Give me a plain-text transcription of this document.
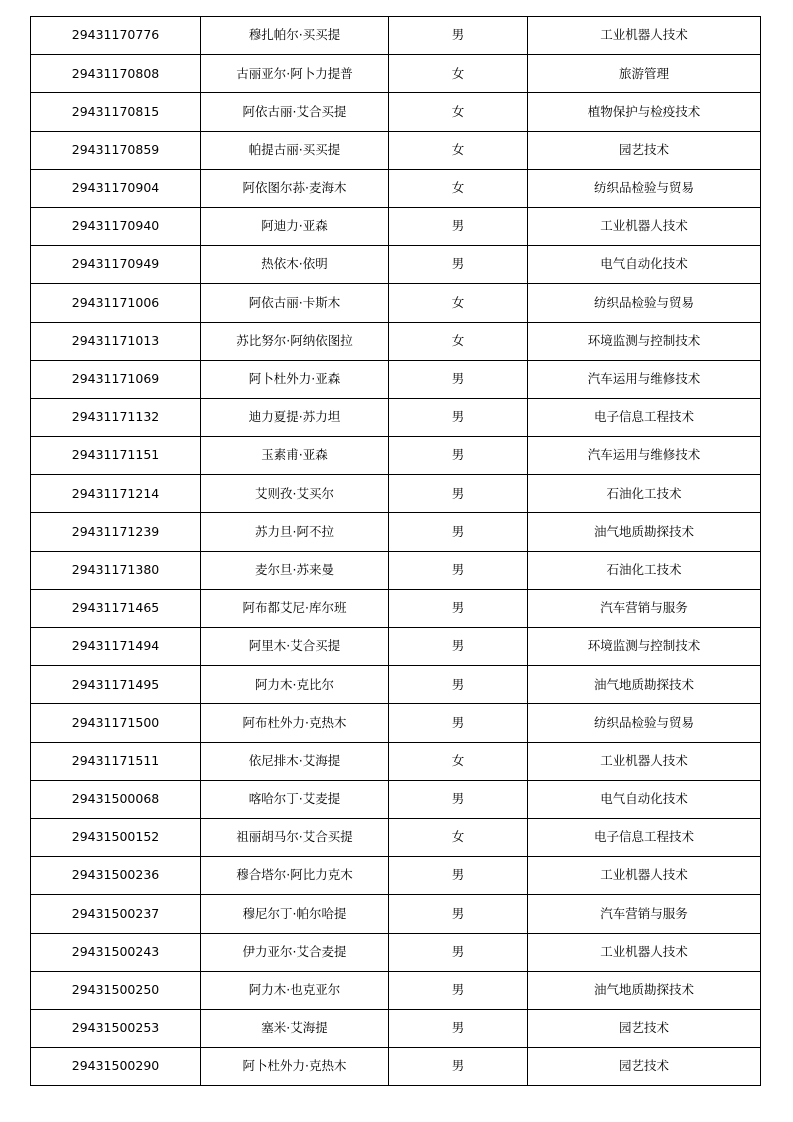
29431170776	穆扎帕尔·买买提	男	工业机器人技术
29431170808	古丽亚尔·阿卜力提普	女	旅游管理
29431170815	阿依古丽·艾合买提	女	植物保护与检疫技术
29431170859	帕提古丽·买买提	女	园艺技术
29431170904	阿依图尔荪·麦海木	女	纺织品检验与贸易
29431170940	阿迪力·亚森	男	工业机器人技术
29431170949	热依木·依明	男	电气自动化技术
29431171006	阿依古丽·卡斯木	女	纺织品检验与贸易
29431171013	苏比努尔·阿纳依图拉	女	环境监测与控制技术
29431171069	阿卜杜外力·亚森	男	汽车运用与维修技术
29431171132	迪力夏提·苏力坦	男	电子信息工程技术
29431171151	玉素甫·亚森	男	汽车运用与维修技术
29431171214	艾则孜·艾买尔	男	石油化工技术
29431171239	苏力旦·阿不拉	男	油气地质勘探技术
29431171380	麦尔旦·苏来曼	男	石油化工技术
29431171465	阿布都艾尼·库尔班	男	汽车营销与服务
29431171494	阿里木·艾合买提	男	环境监测与控制技术
29431171495	阿力木·克比尔	男	油气地质勘探技术
29431171500	阿布杜外力·克热木	男	纺织品检验与贸易
29431171511	依尼排木·艾海提	女	工业机器人技术
29431500068	喀哈尔丁·艾麦提	男	电气自动化技术
29431500152	祖丽胡马尔·艾合买提	女	电子信息工程技术
29431500236	穆合塔尔·阿比力克木	男	工业机器人技术
29431500237	穆尼尔丁·帕尔哈提	男	汽车营销与服务
29431500243	伊力亚尔·艾合麦提	男	工业机器人技术
29431500250	阿力木·也克亚尔	男	油气地质勘探技术
29431500253	塞米·艾海提	男	园艺技术
29431500290	阿卜杜外力·克热木	男	园艺技术
